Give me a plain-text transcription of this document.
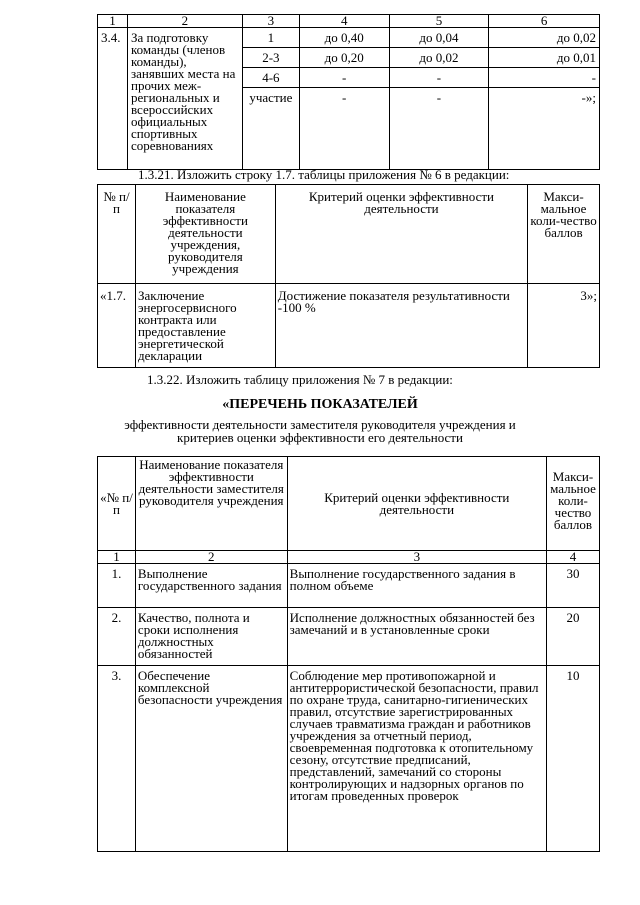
1	2	3	4	5	6
3.4.	За подготовку команды (членов команды), занявших места на прочих меж-региональных и всероссийских официальных спортивных соревнованиях	1	до 0,40	до 0,04	до 0,02
		2-3	до 0,20	до 0,02	до 0,01
		4-6	-	-	-
		участие	-	-	-»;
1.3.21. Изложить строку 1.7. таблицы приложения № 6 в редакции:
№ п/п	Наименование показателя эффективности деятельности учреждения, руководителя учреждения	Критерий оценки эффективности деятельности	Макси-мальное коли-чество баллов
«1.7.	Заключение энергосервисного контракта или предоставление энергетической декларации	Достижение показателя результативности -100 %	3»;
1.3.22. Изложить таблицу приложения № 7 в редакции:
«ПЕРЕЧЕНЬ ПОКАЗАТЕЛЕЙ
эффективности деятельности заместителя руководителя учреждения и
критериев оценки эффективности его деятельности
«№ п/п	Наименование показателя эффективности деятельности заместителя руководителя учреждения	Критерий оценки эффективности деятельности	Макси-мальное коли-чество баллов
1	2	3	4
1.	Выполнение государственного задания	Выполнение государственного задания в полном объеме	30
2.	Качество, полнота и сроки исполнения должностных обязанностей	Исполнение должностных обязанностей без замечаний и в установленные сроки	20
3.	Обеспечение комплексной безопасности учреждения	Соблюдение мер противопожарной и антитеррористической безопасности, правил по охране труда, санитарно-гигиенических правил, отсутствие зарегистрированных случаев травматизма граждан и работников учреждения за отчетный период, своевременная подготовка к отопительному сезону, отсутствие предписаний, представлений, замечаний со стороны контролирующих и надзорных органов по итогам проведенных проверок	10
